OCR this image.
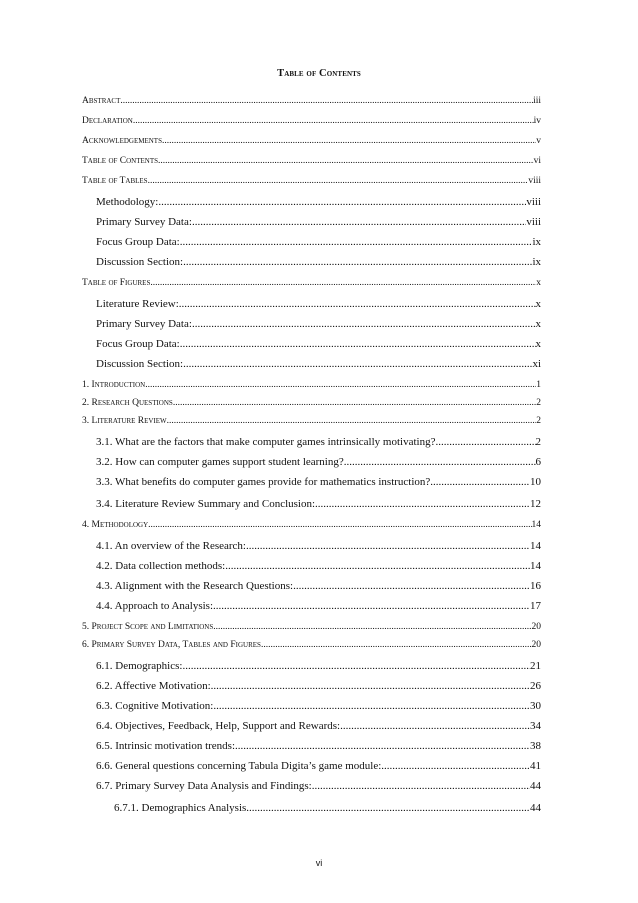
Table of Contents
Abstract .....	iii
Declaration .....	iv
Acknowledgements. .....	v
Table of Contents .....	vi
Table of Tables .....	viii
Methodology: .....	viii
Primary Survey Data: .....	viii
Focus Group Data: .....	ix
Discussion Section: .....	ix
Table of Figures .....	x
Literature Review: .....	x
Primary Survey Data: .....	x
Focus Group Data: .....	x
Discussion Section: .....	xi
1. Introduction .....	1
2. Research Questions .....	2
3. Literature Review .....	2
3.1. What are the factors that make computer games intrinsically motivating? .....	2
3.2. How can computer games support student learning? .....	6
3.3. What benefits do computer games provide for mathematics instruction? .....	10
3.4. Literature Review Summary and Conclusion: .....	12
4. Methodology .....	14
4.1. An overview of the Research: .....	14
4.2. Data collection methods: .....	14
4.3. Alignment with the Research Questions: .....	16
4.4. Approach to Analysis: .....	17
5. Project Scope and Limitations .....	20
6. Primary Survey Data, Tables and Figures .....	20
6.1. Demographics: .....	21
6.2. Affective Motivation: .....	26
6.3. Cognitive Motivation: .....	30
6.4. Objectives, Feedback, Help, Support and Rewards: .....	34
6.5. Intrinsic motivation trends: .....	38
6.6. General questions concerning Tabula Digita’s game module: .....	41
6.7. Primary Survey Data Analysis and Findings: .....	44
6.7.1. Demographics Analysis .....	44
vi
